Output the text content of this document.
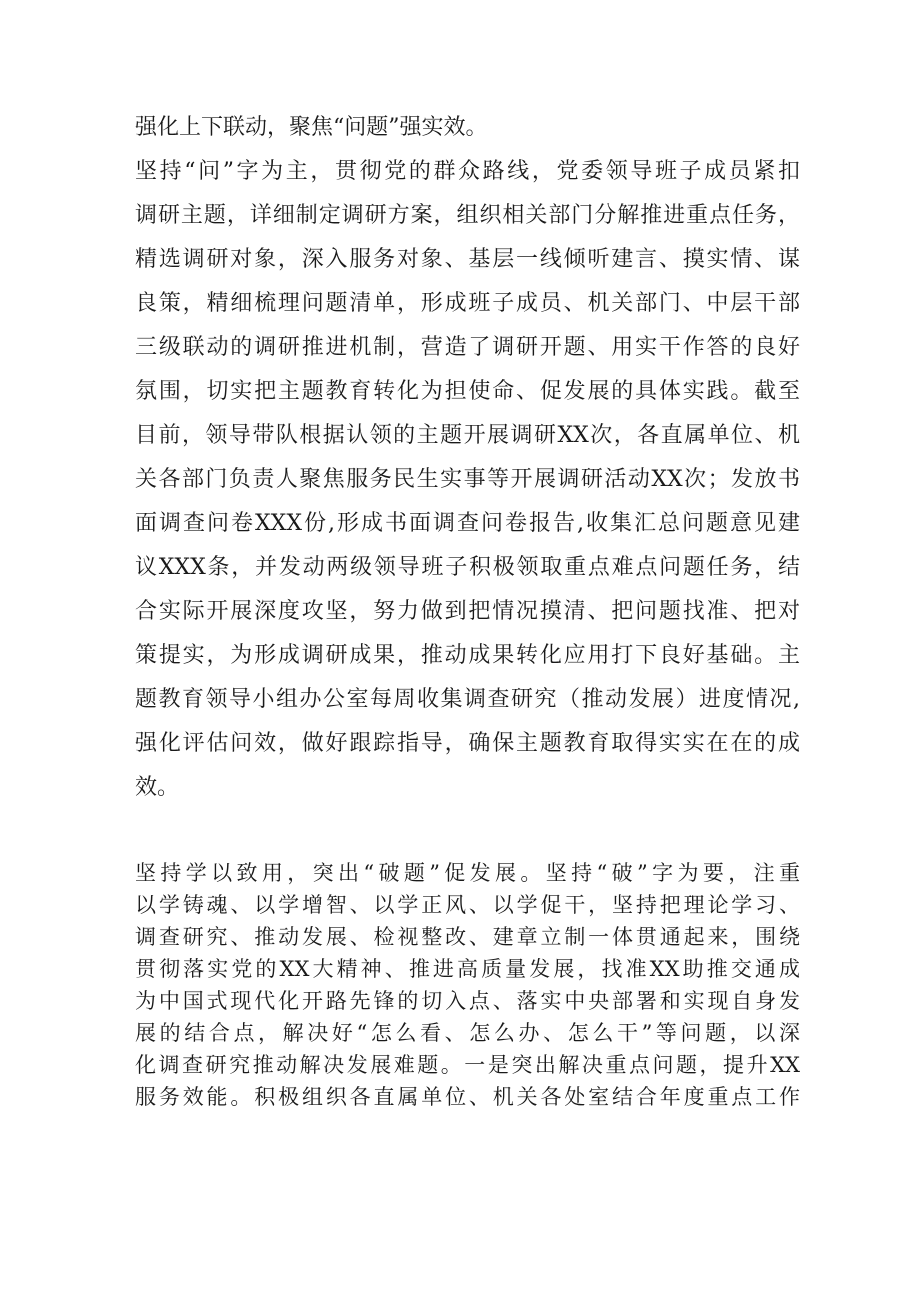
强化上下联动，聚焦“问题”强实效。

坚持“问”字为主，贯彻党的群众路线，党委领导班子成员紧扣

调研主题，详细制定调研方案，组织相关部门分解推进重点任务，

精选调研对象，深入服务对象、基层一线倾听建言、摸实情、谋

良策，精细梳理问题清单，形成班子成员、机关部门、中层干部

三级联动的调研推进机制，营造了调研开题、用实干作答的良好

氛围，切实把主题教育转化为担使命、促发展的具体实践。截至

目前，领导带队根据认领的主题开展调研XX次，各直属单位、机

关各部门负责人聚焦服务民生实事等开展调研活动XX次；发放书

面调查问卷XXX份,形成书面调查问卷报告,收集汇总问题意见建

议XXX条，并发动两级领导班子积极领取重点难点问题任务，结

合实际开展深度攻坚，努力做到把情况摸清、把问题找准、把对

策提实，为形成调研成果，推动成果转化应用打下良好基础。主

题教育领导小组办公室每周收集调查研究（推动发展）进度情况,

强化评估问效，做好跟踪指导，确保主题教育取得实实在在的成

效。

坚持学以致用，突出“破题”促发展。坚持“破”字为要，注重

以学铸魂、以学增智、以学正风、以学促干，坚持把理论学习、

调查研究、推动发展、检视整改、建章立制一体贯通起来，围绕

贯彻落实党的XX大精神、推进高质量发展，找准XX助推交通成

为中国式现代化开路先锋的切入点、落实中央部署和实现自身发

展的结合点，解决好“怎么看、怎么办、怎么干”等问题，以深

化调查研究推动解决发展难题。一是突出解决重点问题，提升XX

服务效能。积极组织各直属单位、机关各处室结合年度重点工作
